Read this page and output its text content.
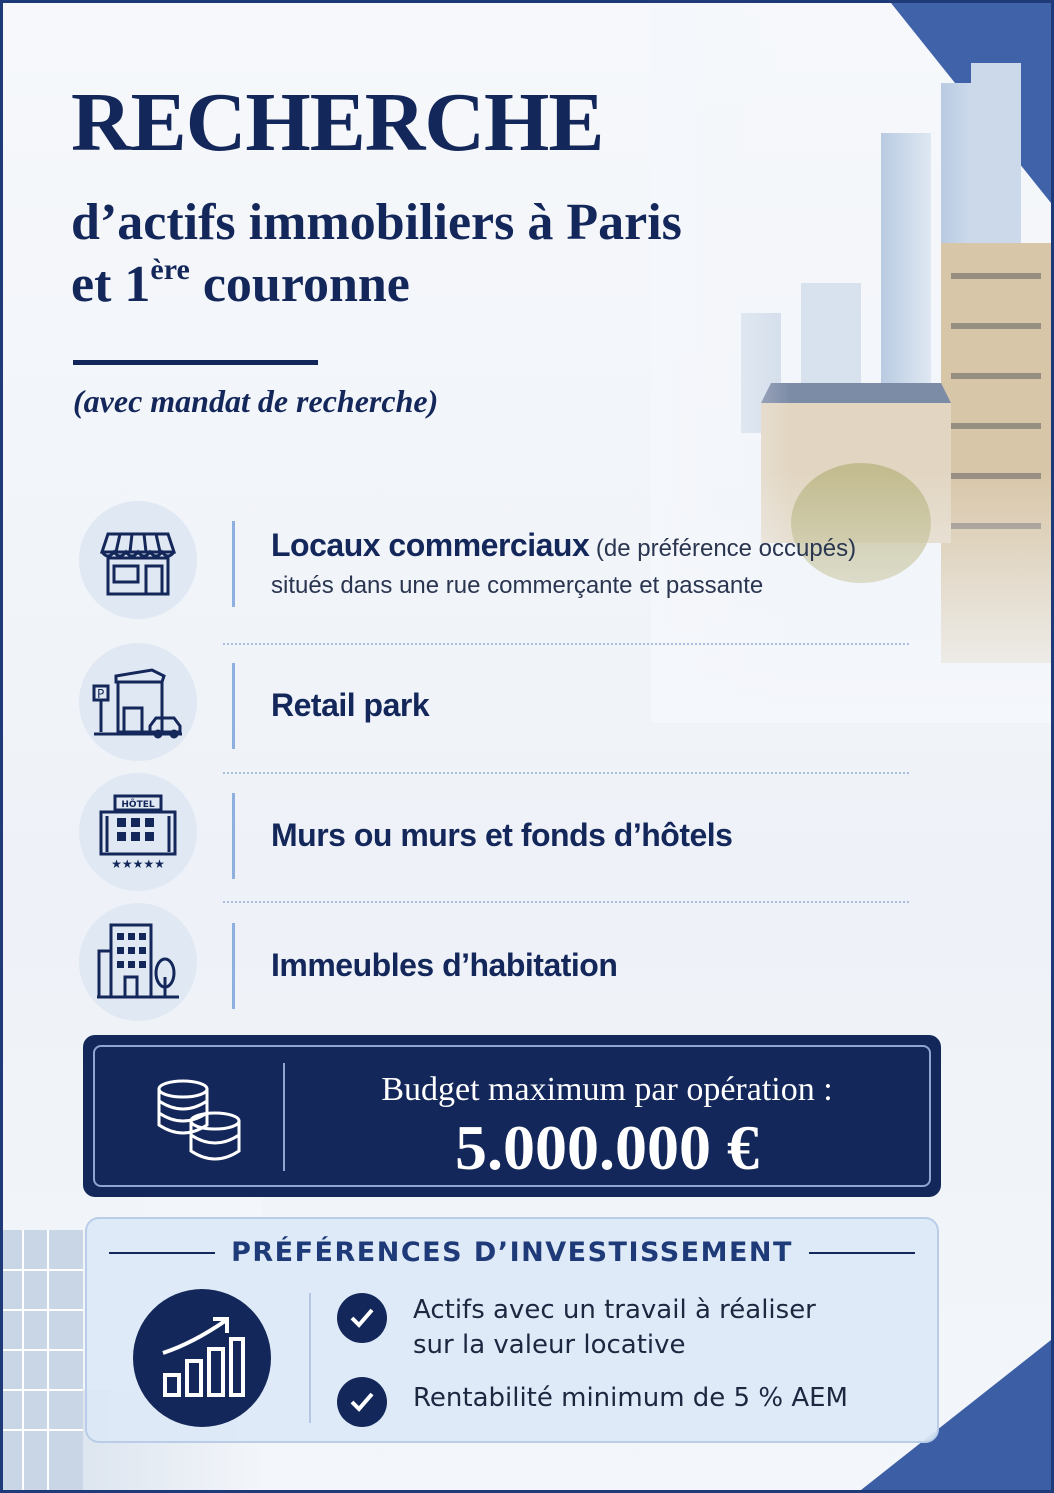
RECHERCHE
d’actifs immobiliers à Paris
et 1ère couronne
(avec mandat de recherche)
Locaux commerciaux (de préférence occupés)
situés dans une rue commerçante et passante
P	Retail park
HÔTEL
★★★★★
Murs ou murs et fonds d’hôtels
Immeubles d’habitation
Budget maximum par opération :
5.000.000 €
PRÉFÉRENCES D’INVESTISSEMENT
Actifs avec un travail à réaliser
sur la valeur locative
Rentabilité minimum de 5 % AEM
